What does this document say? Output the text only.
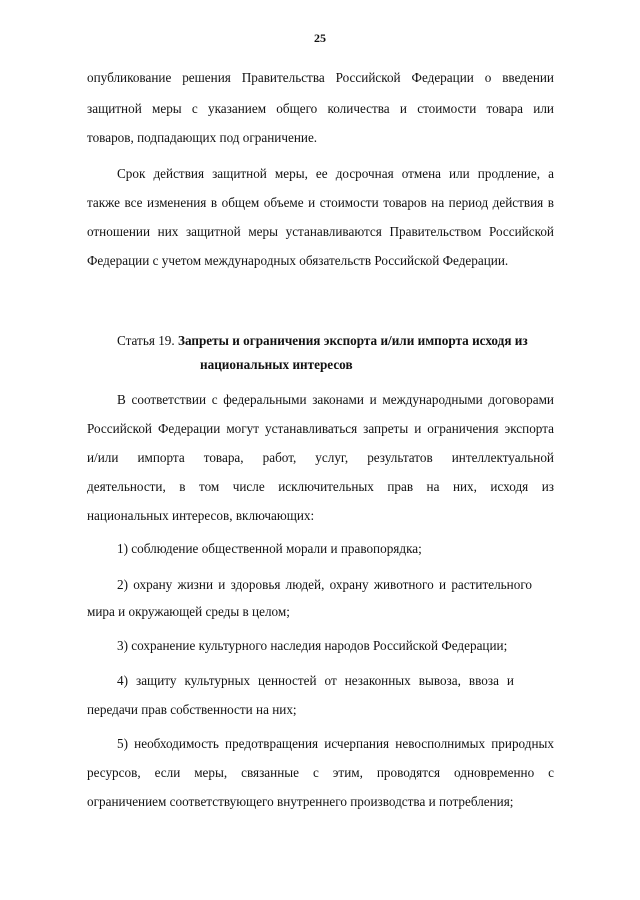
25
опубликование решения Правительства Российской Федерации о введении
защитной меры с указанием общего количества и стоимости товара или
товаров, подпадающих под ограничение.
Срок действия защитной меры, ее досрочная отмена или продление, а
также все изменения в общем объеме и стоимости товаров на период действия в
отношении них защитной меры устанавливаются Правительством Российской
Федерации с учетом международных обязательств Российской Федерации.
Статья 19. Запреты и ограничения экспорта и/или импорта исходя из
национальных интересов
В соответствии с федеральными законами и международными договорами
Российской Федерации могут устанавливаться запреты и ограничения экспорта
и/или импорта товара, работ, услуг, результатов интеллектуальной
деятельности, в том числе исключительных прав на них, исходя из
национальных интересов, включающих:
1) соблюдение общественной морали и правопорядка;
2) охрану жизни и здоровья людей, охрану животного и растительного
мира и окружающей среды в целом;
3) сохранение культурного наследия народов Российской Федерации;
4) защиту культурных ценностей от незаконных вывоза, ввоза и
передачи прав собственности на них;
5) необходимость предотвращения исчерпания невосполнимых природных
ресурсов, если меры, связанные с этим, проводятся одновременно с
ограничением соответствующего внутреннего производства и потребления;
